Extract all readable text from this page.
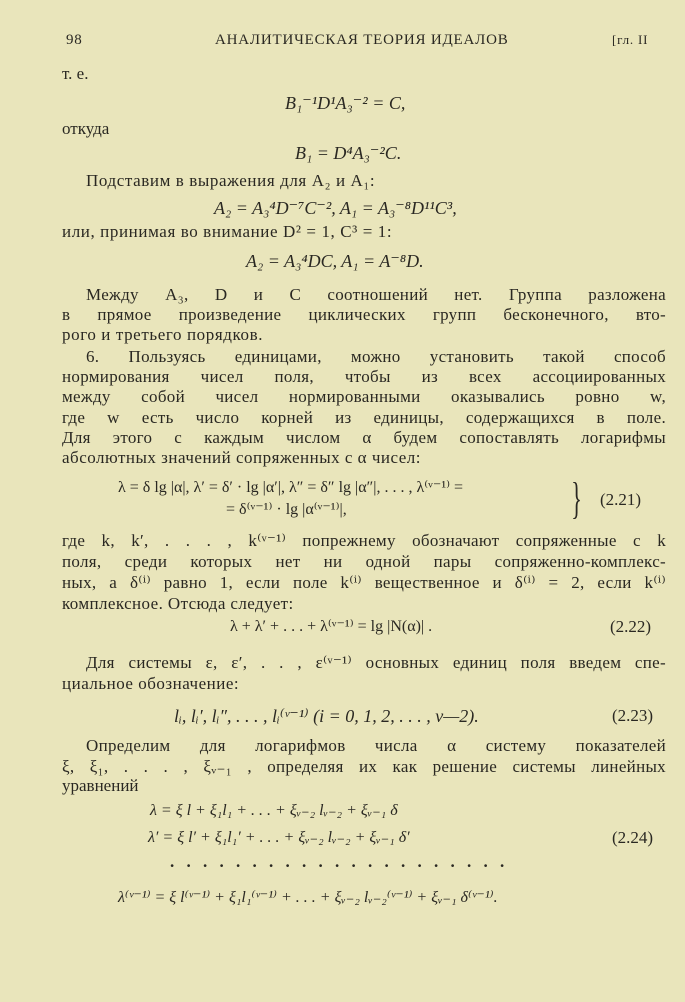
98	АНАЛИТИЧЕСКАЯ ТЕОРИЯ ИДЕАЛОВ	[гл. II
т. е.
B₁⁻¹D¹A₃⁻² = C,
откуда
B₁ = D⁴A₃⁻²C.
Подставим в выражения для A₂ и A₁:
A₂ = A₃⁴D⁻⁷C⁻², A₁ = A₃⁻⁸D¹¹C³,
или, принимая во внимание D² = 1, C³ = 1:
A₂ = A₃⁴DC, A₁ = A⁻⁸D.
Между A₃, D и C соотношений нет. Группа разложена
в прямое произведение циклических групп бесконечного, вто-
рого и третьего порядков.
6. Пользуясь единицами, можно установить такой способ
нормирования чисел поля, чтобы из всех ассоциированных
между собой чисел нормированными оказывались ровно w,
где w есть число корней из единицы, содержащихся в поле.
Для этого с каждым числом α будем сопоставлять логарифмы
абсолютных значений сопряженных с α чисел:
λ = δ lg |α|, λ′ = δ′ · lg |α′|, λ″ = δ″ lg |α″|, . . . , λ⁽ᵛ⁻¹⁾ =
= δ⁽ᵛ⁻¹⁾ · lg |α⁽ᵛ⁻¹⁾|,	} (2.21)
где k, k′, . . . , k⁽ᵛ⁻¹⁾ попрежнему обозначают сопряженные с k
поля, среди которых нет ни одной пары сопряженно-комплекс-
ных, а δ⁽ⁱ⁾ равно 1, если поле k⁽ⁱ⁾ вещественное и δ⁽ⁱ⁾ = 2, если k⁽ⁱ⁾
комплексное. Отсюда следует:
λ + λ′ + . . . + λ⁽ᵛ⁻¹⁾ = lg |N(α)| .	(2.22)
Для системы ε, ε′, . . , ε⁽ᵛ⁻¹⁾ основных единиц поля введем спе-
циальное обозначение:
lᵢ, lᵢ′, lᵢ″, . . . , lᵢ⁽ᵛ⁻¹⁾ (i = 0, 1, 2, . . . , ν—2).	(2.23)
Определим для логарифмов числа α систему показателей
ξ, ξ₁, . . . , ξᵥ₋₁ , определяя их как решение системы линейных
уравнений
λ = ξ l + ξ₁l₁ + . . . + ξᵥ₋₂ lᵥ₋₂ + ξᵥ₋₁ δ
λ′ = ξ l′ + ξ₁l₁′ + . . . + ξᵥ₋₂ lᵥ₋₂ + ξᵥ₋₁ δ′	(2.24)
. . . . . . . . . . . . . . . . . . . . .
λ⁽ᵛ⁻¹⁾ = ξ l⁽ᵛ⁻¹⁾ + ξ₁l₁⁽ᵛ⁻¹⁾ + . . . + ξᵥ₋₂ lᵥ₋₂⁽ᵛ⁻¹⁾ + ξᵥ₋₁ δ⁽ᵛ⁻¹⁾.
